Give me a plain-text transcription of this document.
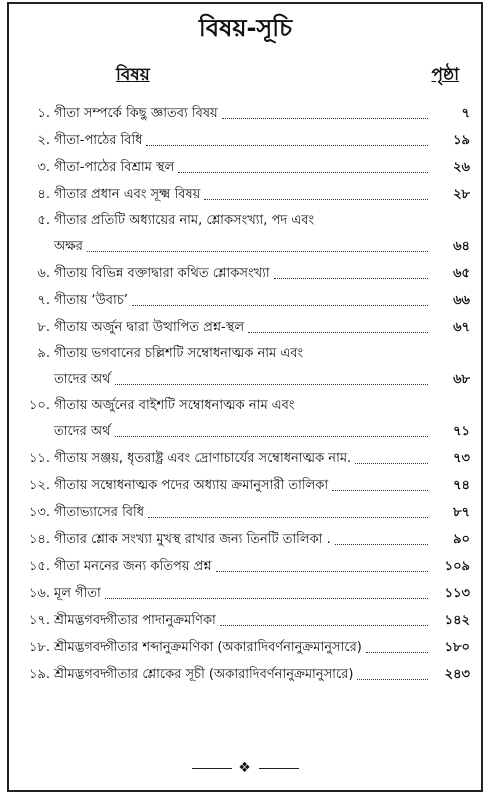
বিষয়-সূচি
বিষয়	পৃষ্ঠা
১. গীতা সম্পর্কে কিছু জ্ঞাতব্য বিষয়	৭
২. গীতা-পাঠের বিধি	১৯
৩. গীতা-পাঠের বিশ্রাম স্থল	২৬
৪. গীতার প্রধান এবং সূক্ষ্ম বিষয়	২৮
৫. গীতার প্রতিটি অধ্যায়ের নাম, শ্লোকসংখ্যা, পদ এবং
অক্ষর	৬৪
৬. গীতায় বিভিন্ন বক্তাদ্বারা কথিত শ্লোকসংখ্যা	৬৫
৭. গীতায় ‘উবাচ’	৬৬
৮. গীতায় অর্জুন দ্বারা উত্থাপিত প্রশ্ন-স্থল	৬৭
৯. গীতায় ভগবানের চল্লিশটি সম্বোধনাত্মক নাম এবং
তাদের অর্থ	৬৮
১০. গীতায় অর্জুনের বাইশটি সম্বোধনাত্মক নাম এবং
তাদের অর্থ	৭১
১১. গীতায় সঞ্জয়, ধৃতরাষ্ট্র এবং দ্রোণাচার্যের সম্বোধনাত্মক নাম.	৭৩
১২. গীতায় সম্বোধনাত্মক পদের অধ্যায় ক্রমানুসারী তালিকা	৭৪
১৩. গীতাভ্যাসের বিধি	৮৭
১৪. গীতার শ্লোক সংখ্যা মুখস্থ রাখার জন্য তিনটি তালিকা .	৯০
১৫. গীতা মননের জন্য কতিপয় প্রশ্ন	১০৯
১৬. মূল গীতা	১১৩
১৭. শ্রীমদ্ভগবদ্গীতার পাদানুক্রমণিকা	১৪২
১৮. শ্রীমদ্ভগবদ্গীতার শব্দানুক্রমণিকা (অকারাদিবর্ণনানুক্রমানুসারে)	১৮০
১৯. শ্রীমদ্ভগবদ্গীতার শ্লোকের সূচী (অকারাদিবর্ণনানুক্রমানুসারে)	২৪৩
❖
